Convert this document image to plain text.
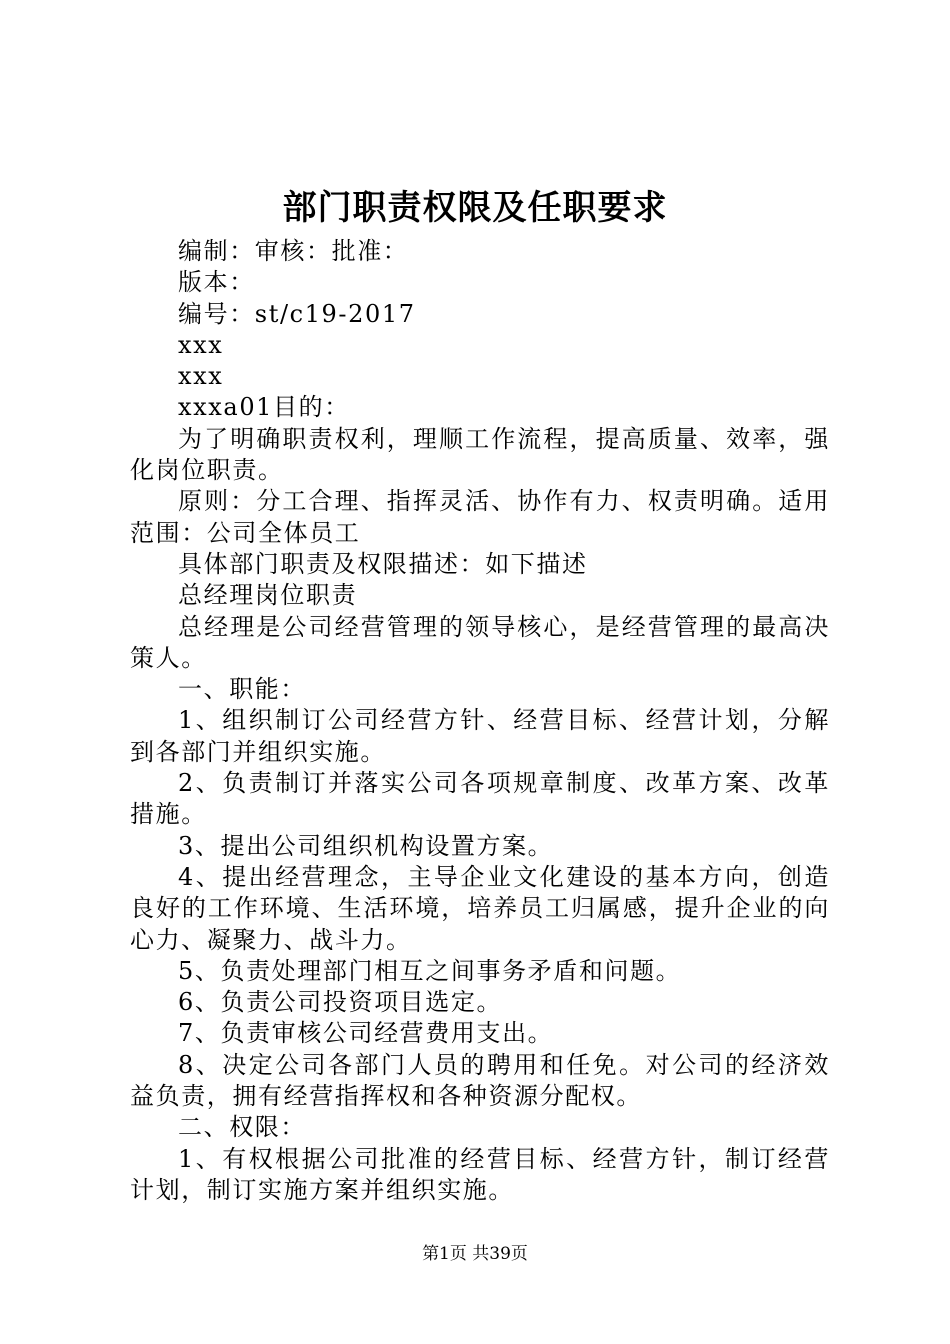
部门职责权限及任职要求

编制：审核：批准：

版本：

编号：st/c19-2017

xxx

xxx

xxxa01目的：

为了明确职责权利，理顺工作流程，提高质量、效率，强化岗位职责。

原则：分工合理、指挥灵活、协作有力、权责明确。适用范围：公司全体员工

具体部门职责及权限描述：如下描述

总经理岗位职责

总经理是公司经营管理的领导核心，是经营管理的最高决策人。

一、职能：

1、组织制订公司经营方针、经营目标、经营计划，分解到各部门并组织实施。

2、负责制订并落实公司各项规章制度、改革方案、改革措施。

3、提出公司组织机构设置方案。

4、提出经营理念，主导企业文化建设的基本方向，创造良好的工作环境、生活环境，培养员工归属感，提升企业的向心力、凝聚力、战斗力。

5、负责处理部门相互之间事务矛盾和问题。

6、负责公司投资项目选定。

7、负责审核公司经营费用支出。

8、决定公司各部门人员的聘用和任免。对公司的经济效益负责，拥有经营指挥权和各种资源分配权。

二、权限：

1、有权根据公司批准的经营目标、经营方针，制订经营计划，制订实施方案并组织实施。

第1页 共39页
